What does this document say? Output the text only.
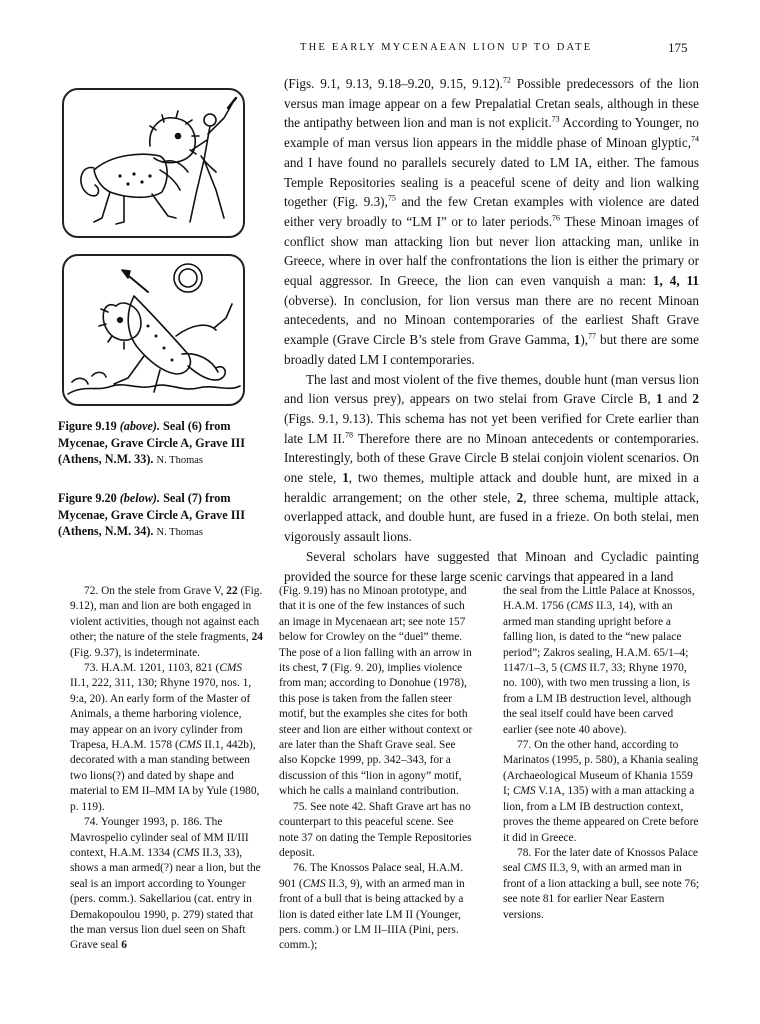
THE EARLY MYCENAEAN LION UP TO DATE	175
Figure 9.19 (above). Seal (6) from Mycenae, Grave Circle A, Grave III (Athens, N.M. 33). N. Thomas
Figure 9.20 (below). Seal (7) from Mycenae, Grave Circle A, Grave III (Athens, N.M. 34). N. Thomas

(Figs. 9.1, 9.13, 9.18–9.20, 9.15, 9.12).$^{72}$ Possible predecessors of the lion versus man image appear on a few Prepalatial Cretan seals, although in these the antipathy between lion and man is not explicit.$^{73}$ According to Younger, no example of man versus lion appears in the middle phase of Minoan glyptic,$^{74}$ and I have found no parallels securely dated to LM IA, either. The famous Temple Repositories sealing is a peaceful scene of deity and lion walking together (Fig. 9.3),$^{75}$ and the few Cretan examples with violence are dated either very broadly to “LM I” or to later periods.$^{76}$ These Minoan images of conflict show man attacking lion but never lion attacking man, unlike in Greece, where in over half the confrontations the lion is either the primary or equal aggressor. In Greece, the lion can even vanquish a man: 1, 4, 11 (obverse). In conclusion, for lion versus man there are no recent Minoan antecedents, and no Minoan contemporaries of the earliest Shaft Grave example (Grave Circle B’s stele from Grave Gamma, 1),$^{77}$ but there are some broadly dated LM I contemporaries.

The last and most violent of the five themes, double hunt (man versus lion and lion versus prey), appears on two stelai from Grave Circle B, 1 and 2 (Figs. 9.1, 9.13). This schema has not yet been verified for Crete earlier than late LM II.$^{78}$ Therefore there are no Minoan antecedents or contemporaries. Interestingly, both of these Grave Circle B stelai conjoin violent scenarios. On one stele, 1, two themes, multiple attack and double hunt, are mixed in a heraldic arrangement; on the other stele, 2, three schema, multiple attack, overlapped attack, and double hunt, are fused in a frieze. On both stelai, men vigorously assault lions.

Several scholars have suggested that Minoan and Cycladic painting provided the source for these large scenic carvings that appeared in a land

72. On the stele from Grave V, 22 (Fig. 9.12), man and lion are both engaged in violent activities, though not against each other; the nature of the stele fragments, 24 (Fig. 9.37), is indeterminate.

73. H.A.M. 1201, 1103, 821 (CMS II.1, 222, 311, 130; Rhyne 1970, nos. 1, 9:a, 20). An early form of the Master of Animals, a theme harboring violence, may appear on an ivory cylinder from Trapesa, H.A.M. 1578 (CMS II.1, 442b), decorated with a man standing between two lions(?) and dated by shape and material to EM II–MM IA by Yule (1980, p. 119).

74. Younger 1993, p. 186. The Mavrospelio cylinder seal of MM II/III context, H.A.M. 1334 (CMS II.3, 33), shows a man armed(?) near a lion, but the seal is an import according to Younger (pers. comm.). Sakellariou (cat. entry in Demakopoulou 1990, p. 279) stated that the man versus lion duel seen on Shaft Grave seal 6

(Fig. 9.19) has no Minoan prototype, and that it is one of the few instances of such an image in Mycenaean art; see note 157 below for Crowley on the “duel” theme. The pose of a lion falling with an arrow in its chest, 7 (Fig. 9. 20), implies violence from man; according to Donohue (1978), this pose is taken from the fallen steer motif, but the examples she cites for both steer and lion are either without context or are later than the Shaft Grave seal. See also Kopcke 1999, pp. 342–343, for a discussion of this “lion in agony” motif, which he calls a mainland contribution.

75. See note 42. Shaft Grave art has no counterpart to this peaceful scene. See note 37 on dating the Temple Repositories deposit.

76. The Knossos Palace seal, H.A.M. 901 (CMS II.3, 9), with an armed man in front of a bull that is being attacked by a lion is dated either late LM II (Younger, pers. comm.) or LM II–IIIA (Pini, pers. comm.);

the seal from the Little Palace at Knossos, H.A.M. 1756 (CMS II.3, 14), with an armed man standing upright before a falling lion, is dated to the “new palace period”; Zakros sealing, H.A.M. 65/1–4; 1147/1–3, 5 (CMS II.7, 33; Rhyne 1970, no. 100), with two men trussing a lion, is from a LM IB destruction level, although the seal itself could have been carved earlier (see note 40 above).

77. On the other hand, according to Marinatos (1995, p. 580), a Khania sealing (Archaeological Museum of Khania 1559 I; CMS V.1A, 135) with a man attacking a lion, from a LM IB destruction context, proves the theme appeared on Crete before it did in Greece.

78. For the later date of Knossos Palace seal CMS II.3, 9, with an armed man in front of a lion attacking a bull, see note 76; see note 81 for earlier Near Eastern versions.
